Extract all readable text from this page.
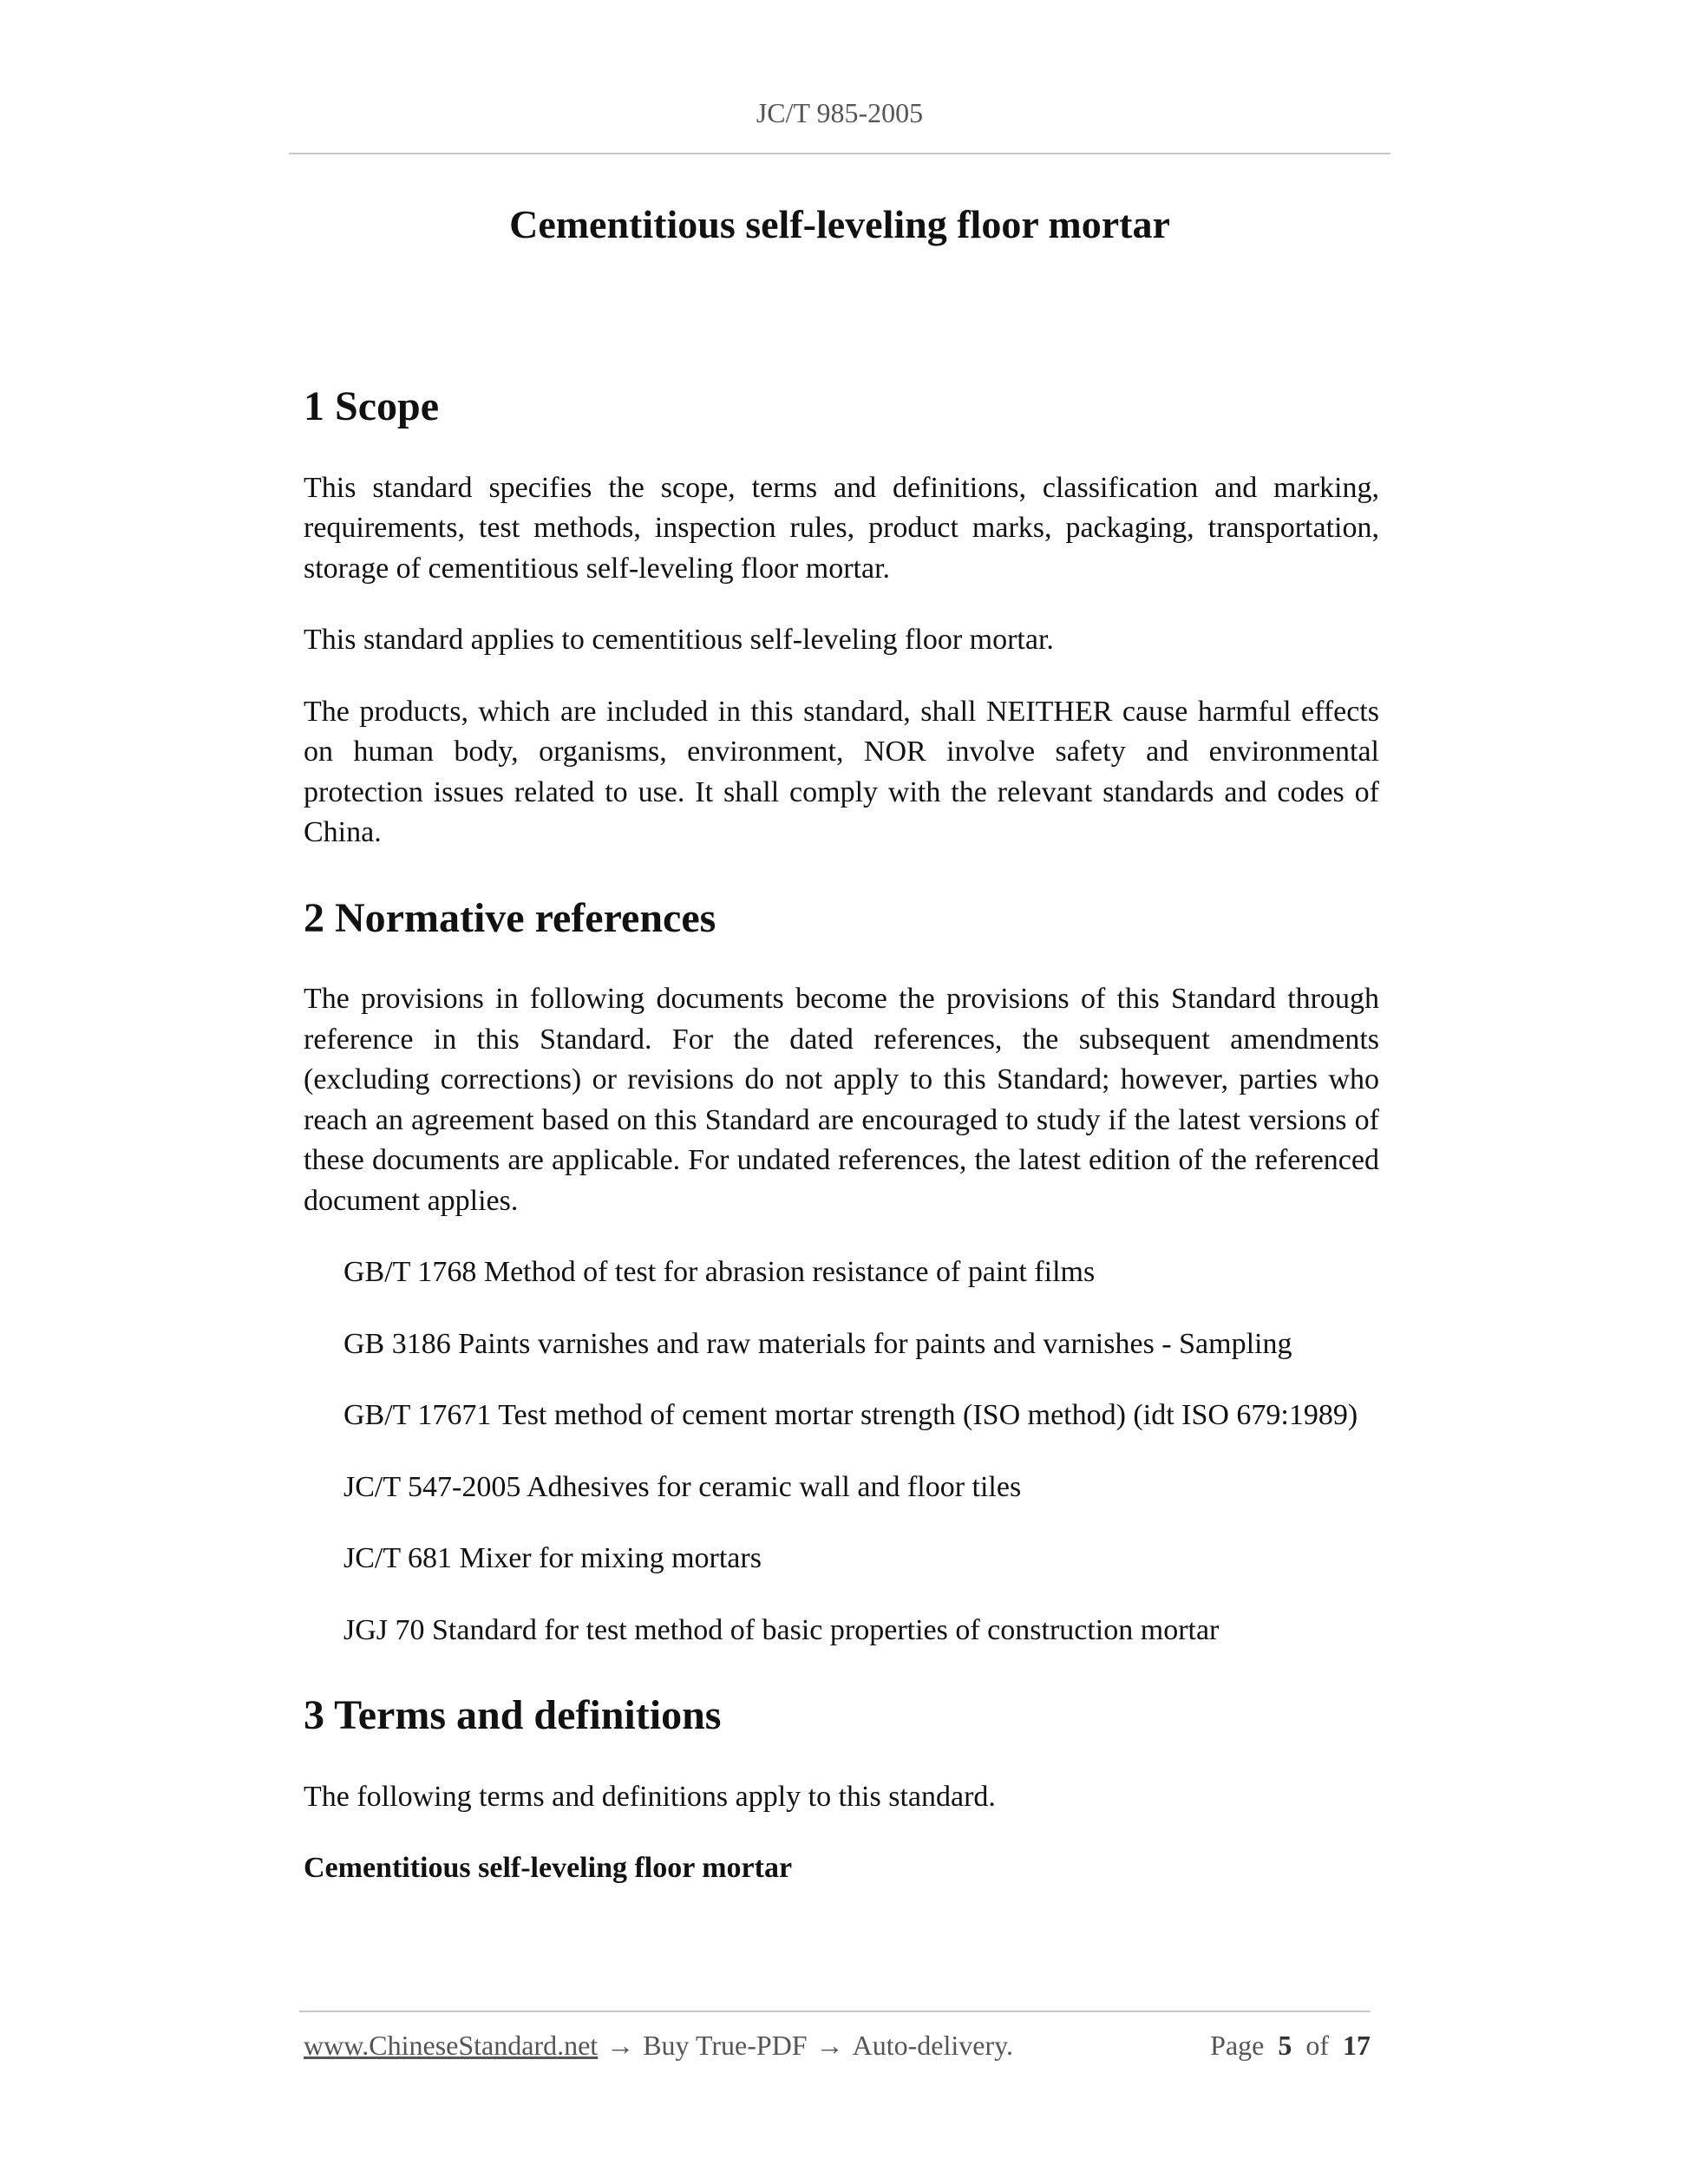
JC/T 985-2005
Cementitious self-leveling floor mortar
1 Scope

This standard specifies the scope, terms and definitions, classification and marking, requirements, test methods, inspection rules, product marks, packaging, transportation, storage of cementitious self-leveling floor mortar.

This standard applies to cementitious self-leveling floor mortar.

The products, which are included in this standard, shall NEITHER cause harmful effects on human body, organisms, environment, NOR involve safety and environmental protection issues related to use. It shall comply with the relevant standards and codes of China.

2 Normative references

The provisions in following documents become the provisions of this Standard through reference in this Standard. For the dated references, the subsequent amendments (excluding corrections) or revisions do not apply to this Standard; however, parties who reach an agreement based on this Standard are encouraged to study if the latest versions of these documents are applicable. For undated references, the latest edition of the referenced document applies.

GB/T 1768 Method of test for abrasion resistance of paint films

GB 3186 Paints varnishes and raw materials for paints and varnishes - Sampling

GB/T 17671 Test method of cement mortar strength (ISO method) (idt ISO 679:1989)

JC/T 547-2005 Adhesives for ceramic wall and floor tiles

JC/T 681 Mixer for mixing mortars

JGJ 70 Standard for test method of basic properties of construction mortar

3 Terms and definitions

The following terms and definitions apply to this standard.

Cementitious self-leveling floor mortar

www.ChineseStandard.net → Buy True-PDF → Auto-delivery.	Page 5 of 17
